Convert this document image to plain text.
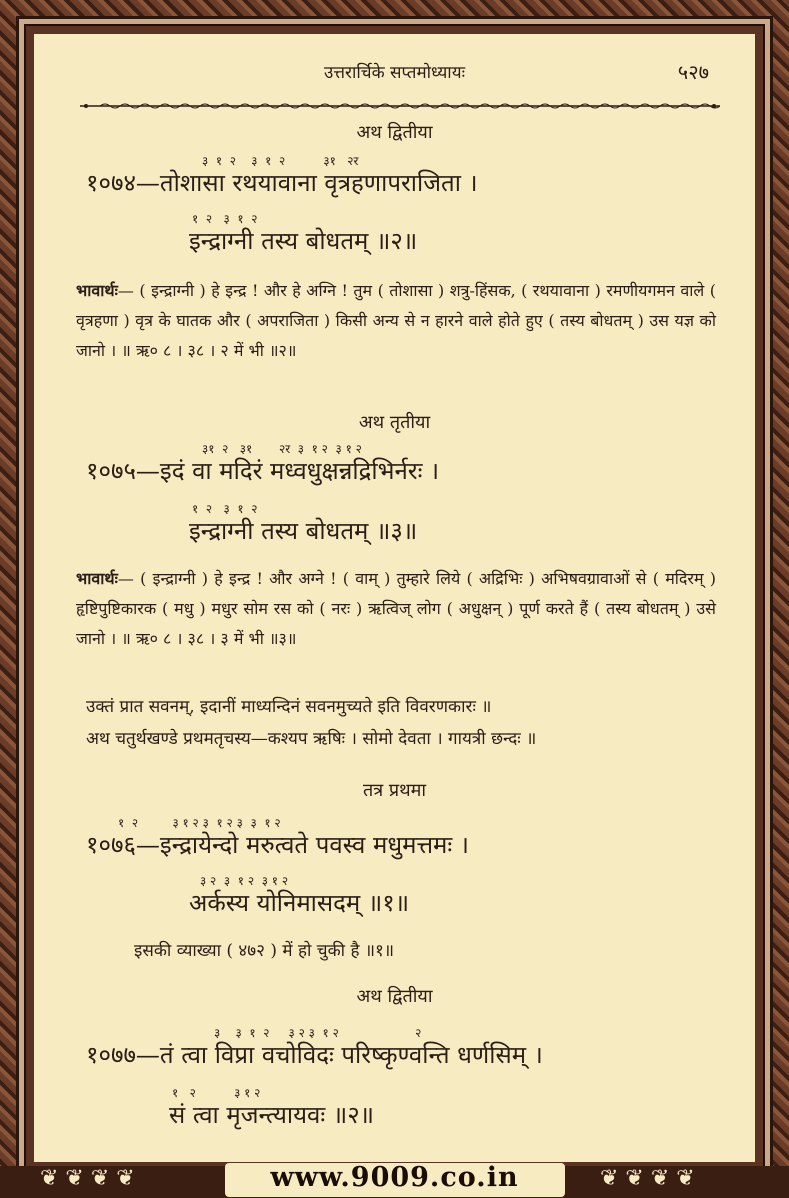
उत्तरार्चिके सप्तमोध्यायः	५२७
अथ द्वितीया
३  १  २    ३  १  २          ३१   २र
१०७४—तोशासा रथयावाना वृत्रहणापराजिता ।
१  २   ३  १  २
इन्द्राग्नी तस्य बोधतम् ॥२॥
भावार्थः— ( इन्द्राग्नी ) हे इन्द्र ! और हे अग्नि ! तुम ( तोशासा ) शत्रु-हिंसक, ( रथयावाना ) रमणीयगमन वाले ( वृत्रहणा ) वृत्र के घातक और ( अपराजिता ) किसी अन्य से न हारने वाले होते हुए ( तस्य बोधतम् ) उस यज्ञ को जानो । ॥ ऋ० ८ । ३८ । २ में भी ॥२॥
अथ तृतीया
३१  २   ३१       २र  ३  १ २  ३ १ २
१०७५—इदं वा मदिरं मध्वधुक्षन्नद्रिभिर्नरः ।
१  २   ३  १  २
इन्द्राग्नी तस्य बोधतम् ॥३॥
भावार्थः— ( इन्द्राग्नी ) हे इन्द्र ! और अग्ने ! ( वाम् ) तुम्हारे लिये ( अद्रिभिः ) अभिषवग्रावाओं से ( मदिरम् ) हृष्टिपुष्टिकारक ( मधु ) मधुर सोम रस को ( नरः ) ऋत्विज् लोग ( अधुक्षन् ) पूर्ण करते हैं ( तस्य बोधतम् ) उसे जानो । ॥ ऋ० ८ । ३८ । ३ में भी ॥३॥
उक्तं प्रात सवनम्, इदानीं माध्यन्दिनं सवनमुच्यते इति विवरणकारः ॥
अथ चतुर्थखण्डे प्रथमतृचस्य—कश्यप ऋषिः । सोमो देवता । गायत्री छन्दः ॥
तत्र प्रथमा
१  २         ३ १ २ ३  १ २ ३  ३  १ २
१०७६—इन्द्रायेन्दो मरुत्वते पवस्व मधुमत्तमः ।
३ २  ३  १ २  ३ १ २
अर्कस्य योनिमासदम् ॥१॥
इसकी व्याख्या ( ४७२ ) में हो चुकी है ॥१॥
अथ द्वितीया
३    ३  १  २     ३ २ ३  १ २                    २
१०७७—तं त्वा विप्रा वचोविदः परिष्कृण्वन्ति धर्णसिम् ।
१   २          ३ १ २
सं त्वा मृजन्त्यायवः ॥२॥
❦ ❦ ❦ ❦	❦ ❦ ❦ ❦
www.9009.co.in
